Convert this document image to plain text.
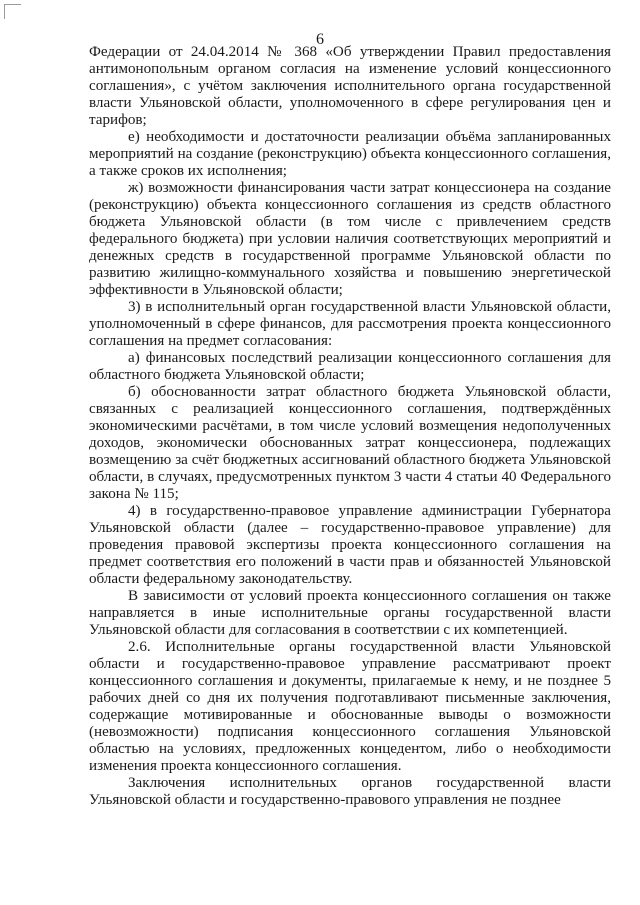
6

Федерации от 24.04.2014 № 368 «Об утверждении Правил предоставления антимонопольным органом согласия на изменение условий концессионного соглашения», с учётом заключения исполнительного органа государственной власти Ульяновской области, уполномоченного в сфере регулирования цен и тарифов;

е) необходимости и достаточности реализации объёма запланированных мероприятий на создание (реконструкцию) объекта концессионного соглашения, а также сроков их исполнения;

ж) возможности финансирования части затрат концессионера на создание (реконструкцию) объекта концессионного соглашения из средств областного бюджета Ульяновской области (в том числе с привлечением средств федерального бюджета) при условии наличия соответствующих мероприятий и денежных средств в государственной программе Ульяновской области по развитию жилищно-коммунального хозяйства и повышению энергетической эффективности в Ульяновской области;

3) в исполнительный орган государственной власти Ульяновской области, уполномоченный в сфере финансов, для рассмотрения проекта концессионного соглашения на предмет согласования:

а) финансовых последствий реализации концессионного соглашения для областного бюджета Ульяновской области;

б) обоснованности затрат областного бюджета Ульяновской области, связанных с реализацией концессионного соглашения, подтверждённых экономическими расчётами, в том числе условий возмещения недополученных доходов, экономически обоснованных затрат концессионера, подлежащих возмещению за счёт бюджетных ассигнований областного бюджета Ульяновской области, в случаях, предусмотренных пунктом 3 части 4 статьи 40 Федерального закона № 115;

4) в государственно-правовое управление администрации Губернатора Ульяновской области (далее – государственно-правовое управление) для проведения правовой экспертизы проекта концессионного соглашения на предмет соответствия его положений в части прав и обязанностей Ульяновской области федеральному законодательству.

В зависимости от условий проекта концессионного соглашения он также направляется в иные исполнительные органы государственной власти Ульяновской области для согласования в соответствии с их компетенцией.

2.6. Исполнительные органы государственной власти Ульяновской области и государственно-правовое управление рассматривают проект концессионного соглашения и документы, прилагаемые к нему, и не позднее 5 рабочих дней со дня их получения подготавливают письменные заключения, содержащие мотивированные и обоснованные выводы о возможности (невозможности) подписания концессионного соглашения Ульяновской областью на условиях, предложенных концедентом, либо о необходимости изменения проекта концессионного соглашения.

Заключения исполнительных органов государственной власти Ульяновской области и государственно-правового управления не позднее
